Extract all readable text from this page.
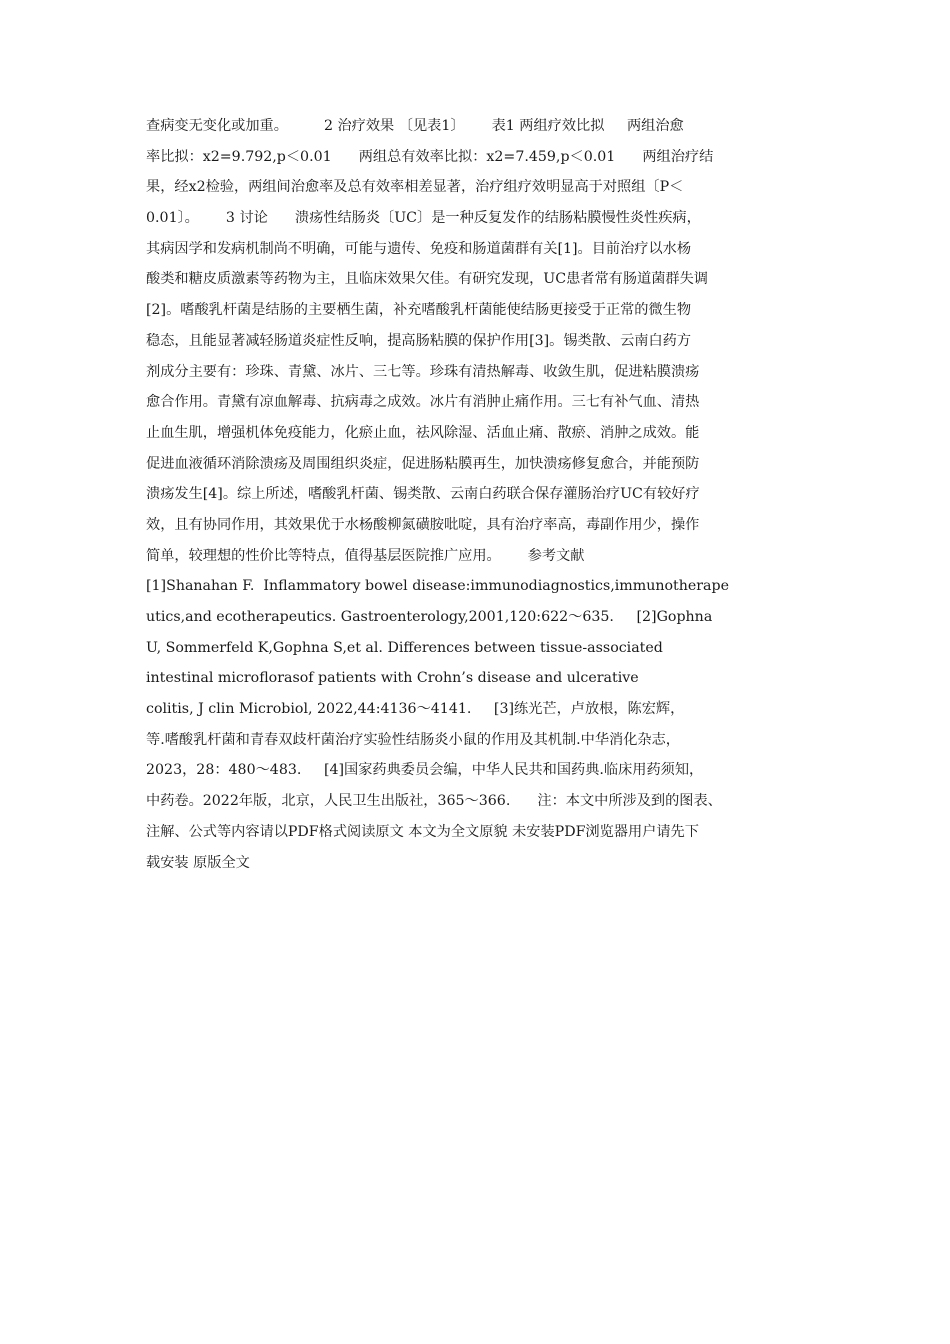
查病变无变化或加重。        2 治疗效果 〔见表1〕      表1 两组疗效比拟     两组治愈
率比拟：x2=9.792,p＜0.01      两组总有效率比拟：x2=7.459,p＜0.01      两组治疗结
果，经x2检验，两组间治愈率及总有效率相差显著，治疗组疗效明显高于对照组〔P＜
0.01〕。      3 讨论      溃疡性结肠炎〔UC〕是一种反复发作的结肠粘膜慢性炎性疾病，
其病因学和发病机制尚不明确，可能与遗传、免疫和肠道菌群有关[1]。目前治疗以水杨
酸类和糖皮质激素等药物为主，且临床效果欠佳。有研究发现，UC患者常有肠道菌群失调
[2]。嗜酸乳杆菌是结肠的主要栖生菌，补充嗜酸乳杆菌能使结肠更接受于正常的微生物
稳态，且能显著减轻肠道炎症性反响，提高肠粘膜的保护作用[3]。锡类散、云南白药方
剂成分主要有：珍珠、青黛、冰片、三七等。珍珠有清热解毒、收敛生肌，促进粘膜溃疡
愈合作用。青黛有凉血解毒、抗病毒之成效。冰片有消肿止痛作用。三七有补气血、清热
止血生肌，增强机体免疫能力，化瘀止血，祛风除湿、活血止痛、散瘀、消肿之成效。能
促进血液循环消除溃疡及周围组织炎症，促进肠粘膜再生，加快溃疡修复愈合，并能预防
溃疡发生[4]。综上所述，嗜酸乳杆菌、锡类散、云南白药联合保存灌肠治疗UC有较好疗
效，且有协同作用，其效果优于水杨酸柳氮磺胺吡啶，具有治疗率高，毒副作用少，操作
简单，较理想的性价比等特点，值得基层医院推广应用。      参考文献
[1]Shanahan F.  Inflammatory bowel disease:immunodiagnostics,immunotherape
utics,and ecotherapeutics. Gastroenterology,2001,120:622～635.     [2]Gophna
U, Sommerfeld K,Gophna S,et al. Differences between tissue-associated
intestinal microflorasof patients with Crohn’s disease and ulcerative
colitis, J clin Microbiol, 2022,44:4136～4141.     [3]练光芒，卢放根，陈宏辉，
等.嗜酸乳杆菌和青春双歧杆菌治疗实验性结肠炎小鼠的作用及其机制.中华消化杂志，
2023，28：480～483.     [4]国家药典委员会编，中华人民共和国药典.临床用药须知，
中药卷。2022年版，北京，人民卫生出版社，365～366.      注：本文中所涉及到的图表、
注解、公式等内容请以PDF格式阅读原文 本文为全文原貌 未安装PDF浏览器用户请先下
载安装 原版全文
